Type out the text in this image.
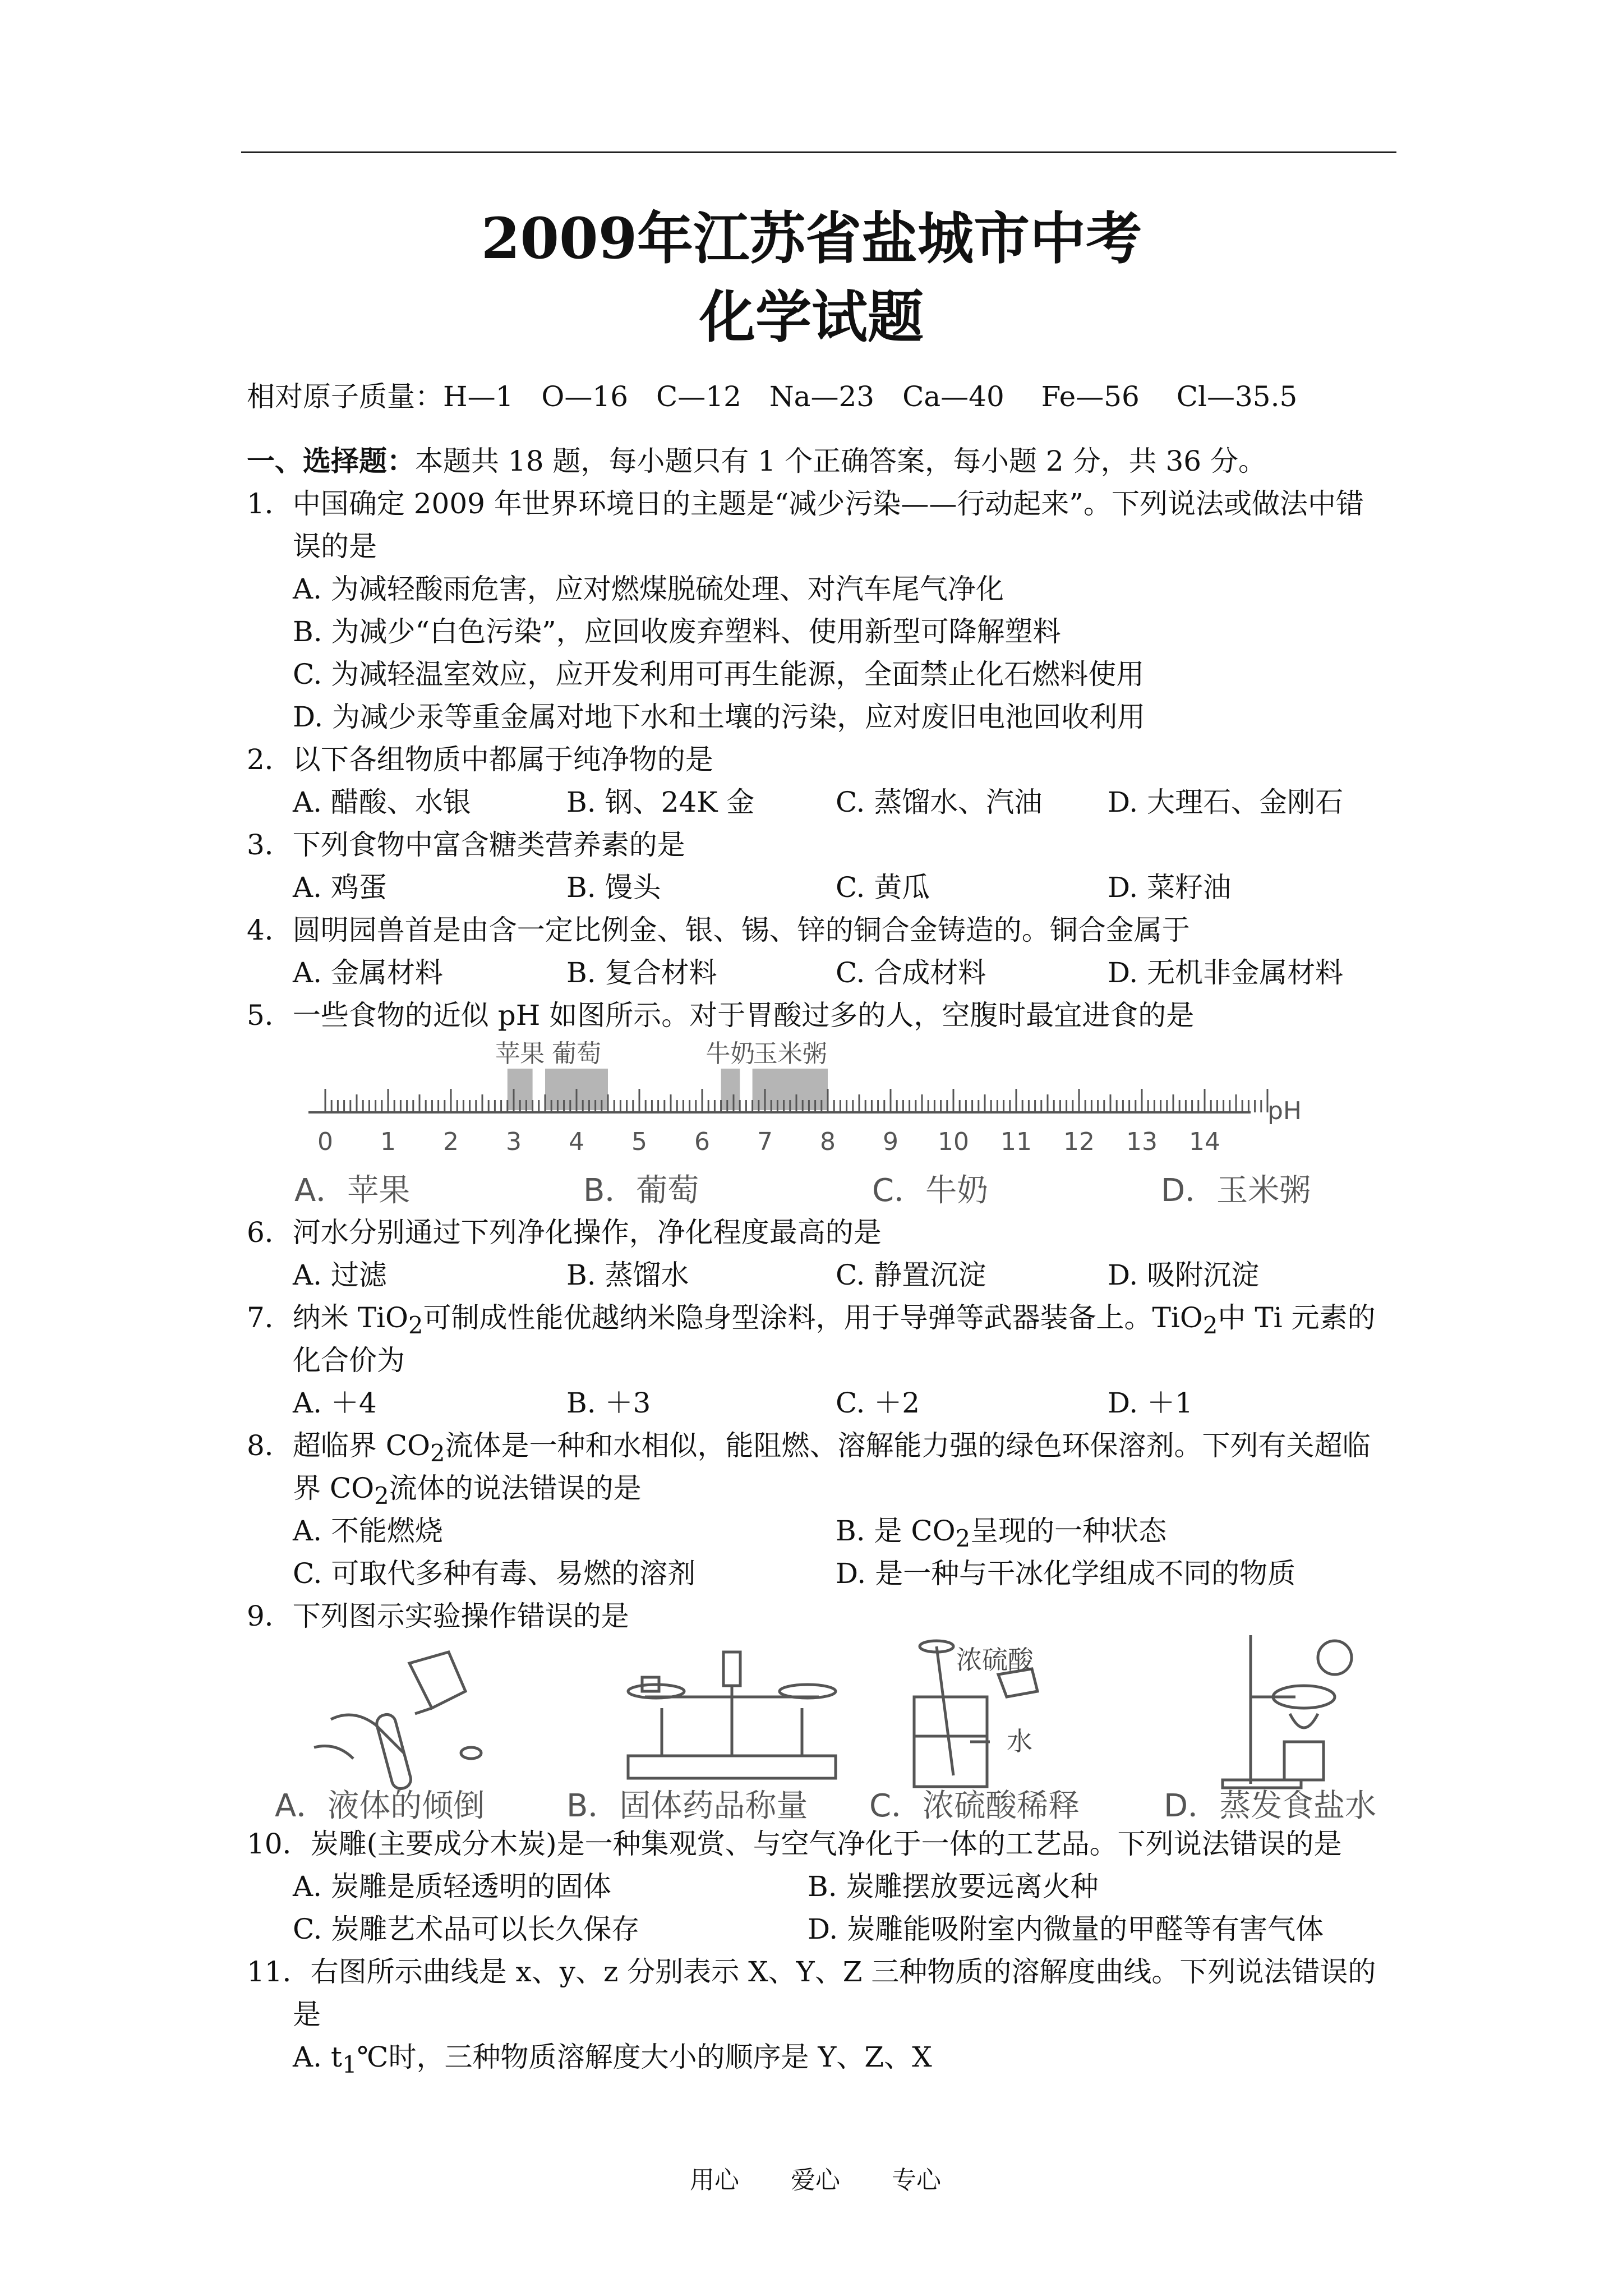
2009年江苏省盐城市中考
化学试题
相对原子质量：H—1　O—16　C—12　Na—23　Ca—40　 Fe—56　 Cl—35.5
一、选择题：本题共 18 题，每小题只有 1 个正确答案，每小题 2 分，共 36 分。
1．中国确定 2009 年世界环境日的主题是“减少污染——行动起来”。下列说法或做法中错
误的是
A. 为减轻酸雨危害，应对燃煤脱硫处理、对汽车尾气净化
B. 为减少“白色污染”，应回收废弃塑料、使用新型可降解塑料
C. 为减轻温室效应，应开发利用可再生能源，全面禁止化石燃料使用
D. 为减少汞等重金属对地下水和土壤的污染，应对废旧电池回收利用
2．以下各组物质中都属于纯净物的是
A. 醋酸、水银	B. 钢、24K 金	C. 蒸馏水、汽油 D. 大理石、金刚石
3．下列食物中富含糖类营养素的是
A. 鸡蛋	B. 馒头	C. 黄瓜	D. 菜籽油
4．圆明园兽首是由含一定比例金、银、锡、锌的铜合金铸造的。铜合金属于
A. 金属材料	B. 复合材料	C. 合成材料	D. 无机非金属材料
5．一些食物的近似 pH 如图所示。对于胃酸过多的人，空腹时最宜进食的是
苹果 葡萄	牛奶
玉米粥
0 1 2 3 4 5 6 7 8 9 10 11 12 13 14
pH
A．苹果	B．葡萄	C．牛奶	D．玉米粥
6．河水分别通过下列净化操作，净化程度最高的是
A. 过滤	B. 蒸馏水	C. 静置沉淀	D. 吸附沉淀
7．纳米 TiO$_2$可制成性能优越纳米隐身型涂料，用于导弹等武器装备上。TiO$_2$中 Ti 元素的
化合价为
A. ＋4	B. ＋3	C. ＋2	D. ＋1
8．超临界 $CO_2$流体是一种和水相似，能阻燃、溶解能力强的绿色环保溶剂。下列有关超临
界 $CO_2$流体的说法错误的是
A. 不能燃烧	B. 是 $CO_2$呈现的一种状态
C. 可取代多种有毒、易燃的溶剂	D. 是一种与干冰化学组成不同的物质
9．下列图示实验操作错误的是
浓硫酸
水
A．液体的倾倒	B．固体药品称量 C．浓硫酸稀释	D．蒸发食盐水
10．炭雕(主要成分木炭)是一种集观赏、与空气净化于一体的工艺品。下列说法错误的是
A. 炭雕是质轻透明的固体	B. 炭雕摆放要远离火种
C. 炭雕艺术品可以长久保存	D. 炭雕能吸附室内微量的甲醛等有害气体
11．右图所示曲线是 x、y、z 分别表示 X、Y、Z 三种物质的溶解度曲线。下列说法错误的
是
A. $t_1℃$时，三种物质溶解度大小的顺序是 Y、Z、X
用心 爱心 专心
